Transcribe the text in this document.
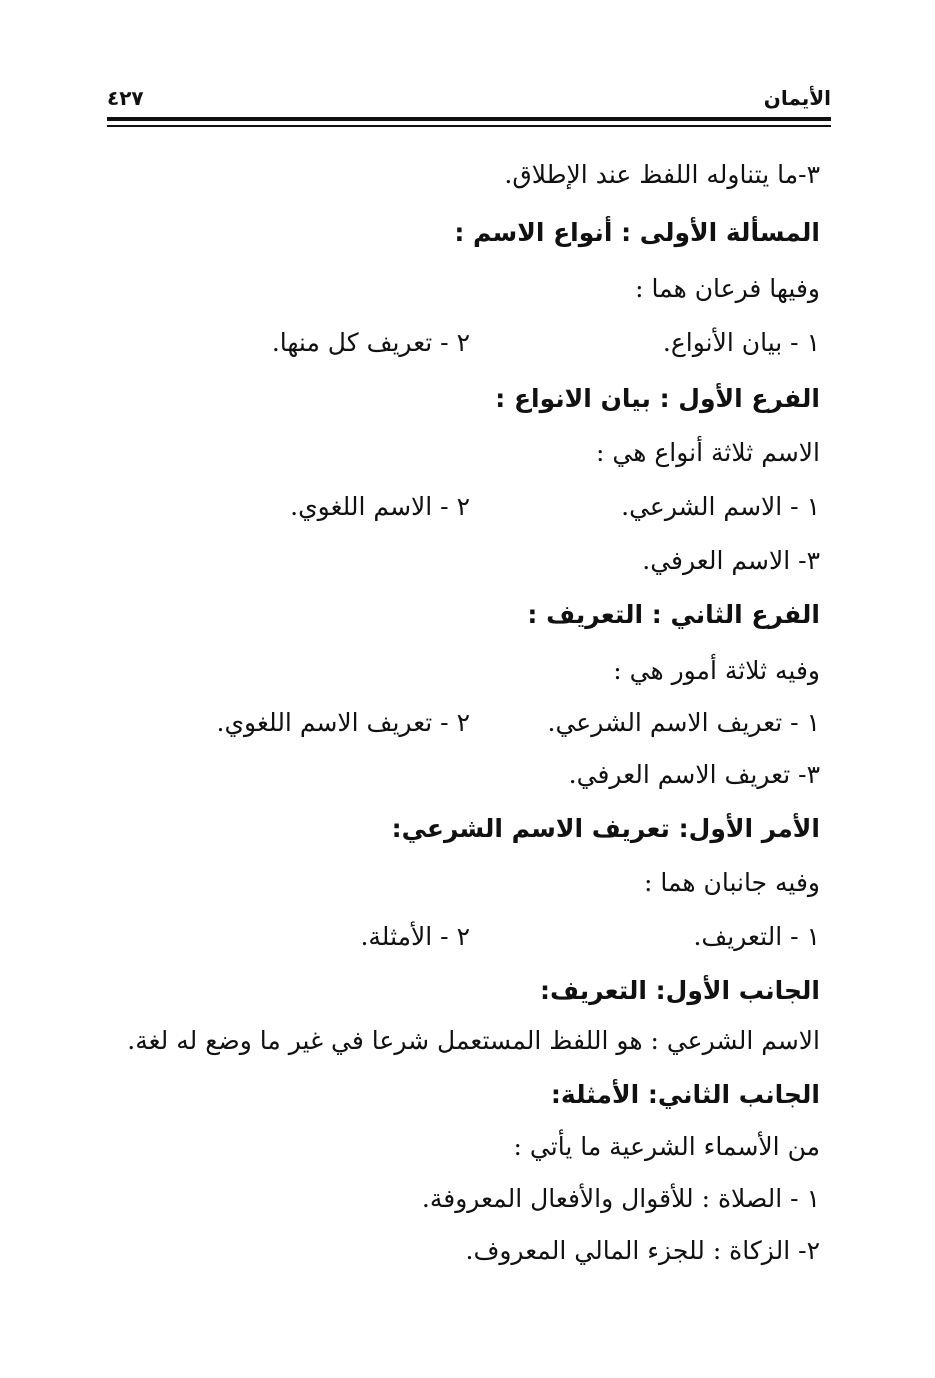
الأيمان
٤٢٧
٣-ما يتناوله اللفظ عند الإطلاق.
المسألة الأولى : أنواع الاسم :
وفيها فرعان هما :
١ - بيان الأنواع.
٢ - تعريف كل منها.
الفرع الأول : بيان الانواع :
الاسم ثلاثة أنواع هي :
١ - الاسم الشرعي.
٢ - الاسم اللغوي.
٣- الاسم العرفي.
الفرع الثاني : التعريف :
وفيه ثلاثة أمور هي :
١ - تعريف الاسم الشرعي.
٢ - تعريف الاسم اللغوي.
٣- تعريف الاسم العرفي.
الأمر الأول: تعريف الاسم الشرعي:
وفيه جانبان هما :
١ - التعريف.
٢ - الأمثلة.
الجانب الأول: التعريف:
الاسم الشرعي : هو اللفظ المستعمل شرعا في غير ما وضع له لغة.
الجانب الثاني: الأمثلة:
من الأسماء الشرعية ما يأتي :
١ - الصلاة : للأقوال والأفعال المعروفة.
٢- الزكاة : للجزء المالي المعروف.
